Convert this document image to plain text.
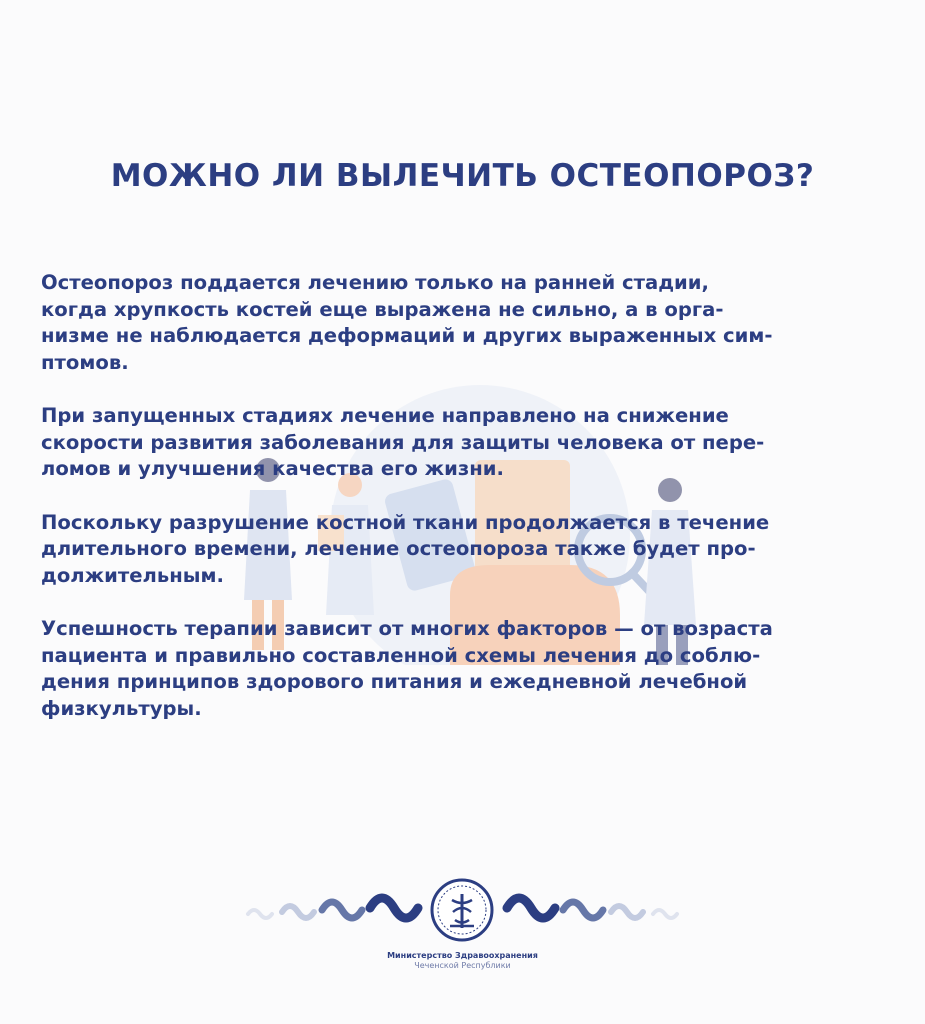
МОЖНО ЛИ ВЫЛЕЧИТЬ ОСТЕОПОРОЗ?

Остеопороз поддается лечению только на ранней стадии,
когда хрупкость костей еще выражена не сильно, а в орга-
низме не наблюдается деформаций и других выраженных сим-
птомов.

При запущенных стадиях лечение направлено на снижение
скорости развития заболевания для защиты человека от пере-
ломов и улучшения качества его жизни.

Поскольку разрушение костной ткани продолжается в течение
длительного времени, лечение остеопороза также будет про-
должительным.

Успешность терапии зависит от многих факторов — от возраста
пациента и правильно составленной схемы лечения до соблю-
дения принципов здорового питания и ежедневной лечебной
физкультуры.

Министерство Здравоохранения
Чеченской Республики
